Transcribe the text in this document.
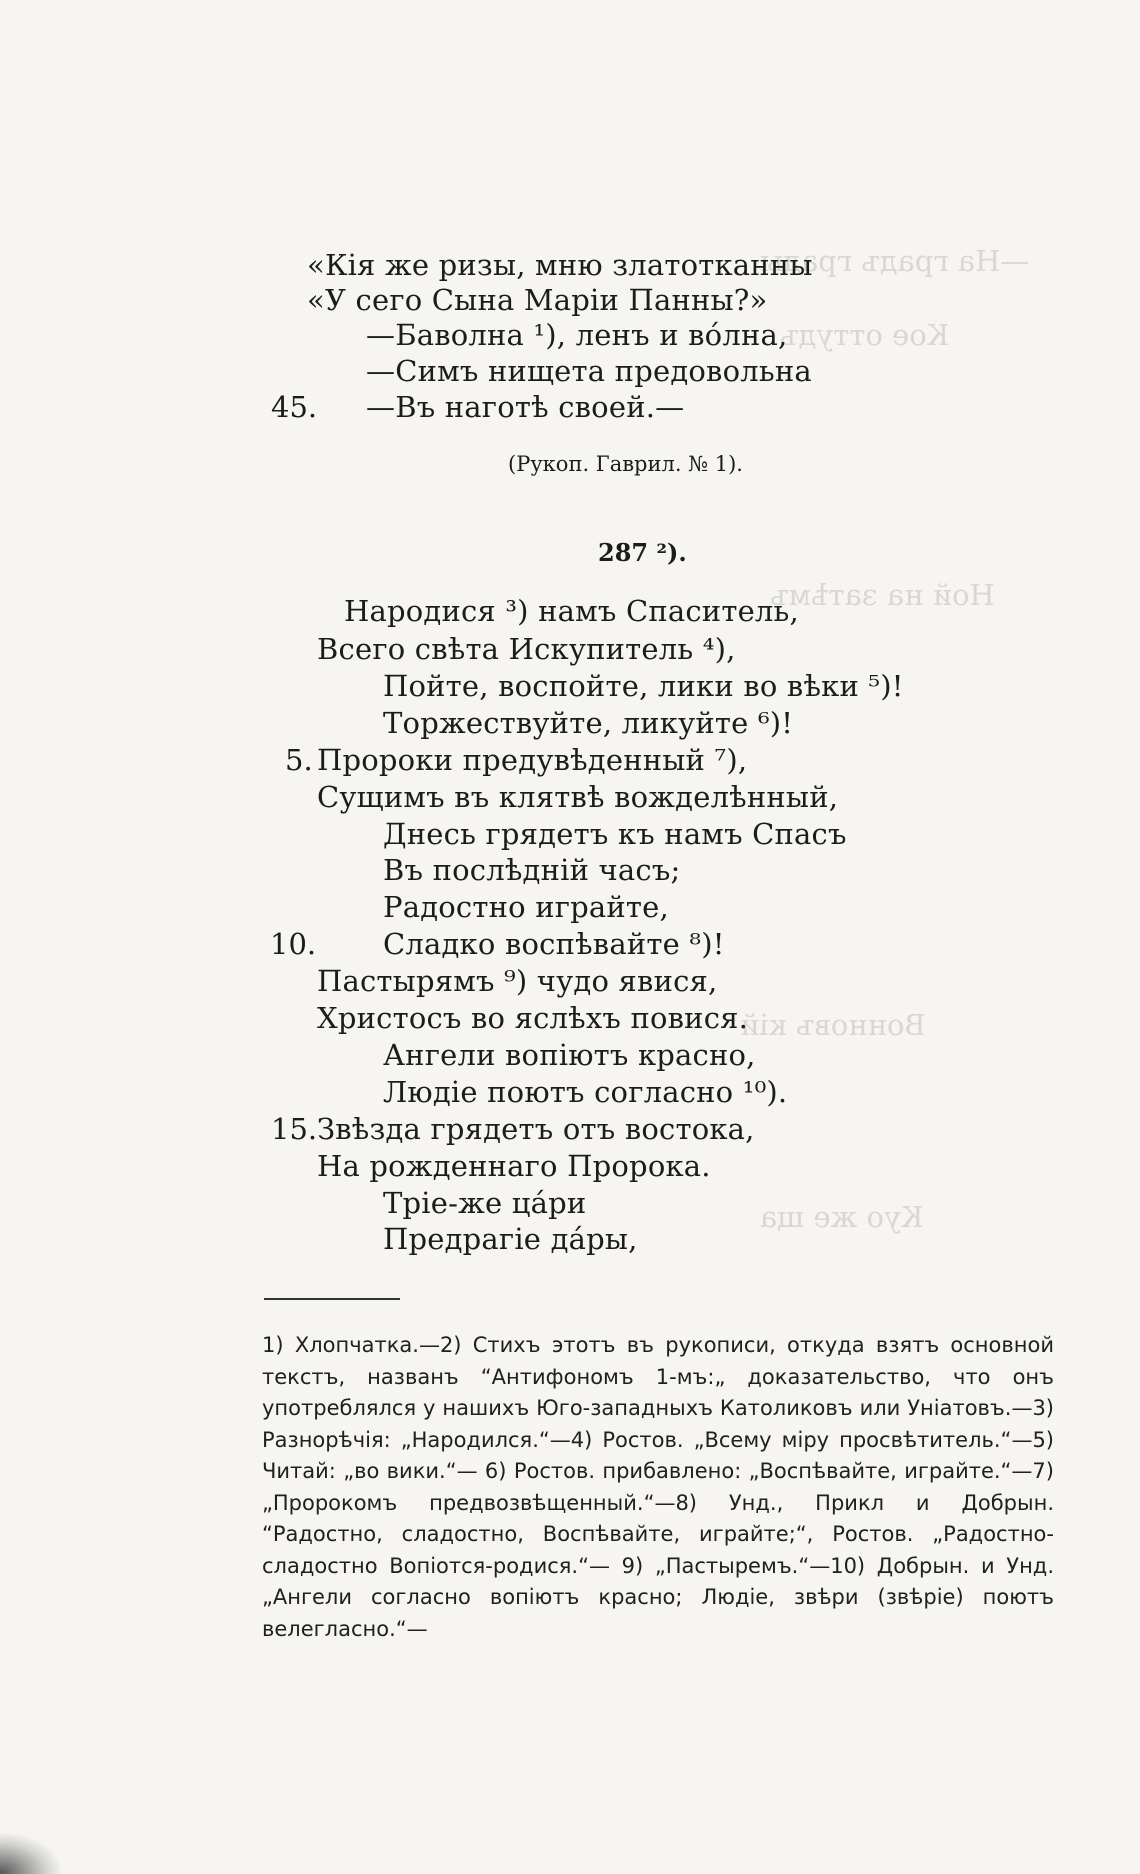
—На градъ грады
Кое оттудъ
Ной на затѣмъ
Вонновъ кій
Куо же ща
«Кія же ризы, мню златотканны
«У сего Сына Маріи Панны?»
—Баволна ¹), ленъ и во́лна,
—Симъ нищета предовольна
45. —Въ наготѣ своей.—
(Рукоп. Гаврил. № 1).
287 ²).
Народися ³) намъ Спаситель,
Всего свѣта Искупитель ⁴),
Пойте, воспойте, лики во вѣки ⁵)!
Торжествуйте, ликуйте ⁶)!
5. Пророки предувѣденный ⁷),
Сущимъ въ клятвѣ вожделѣнный,
Днесь грядетъ къ намъ Спасъ
Въ послѣдній часъ;
Радостно играйте,
10. Сладко воспѣвайте ⁸)!
Пастырямъ ⁹) чудо явися,
Христосъ во яслѣхъ повися.
Ангели вопіютъ красно,
Людіе поютъ согласно ¹⁰).
15. Звѣзда грядетъ отъ востока,
На рожденнаго Пророка.
Тріе-же ца́ри
Предрагіе да́ры,
1) Хлопчатка.—2) Стихъ этотъ въ рукописи, откуда взятъ основной текстъ, названъ “Антифономъ 1-мъ:„ доказательство, что онъ употреблялся у нашихъ Юго-западныхъ Католиковъ или Уніатовъ.—3) Разнорѣчія: „Народился.“—4) Ростов. „Всему міру просвѣтитель.“—5) Читай: „во вики.“— 6) Ростов. прибавлено: „Воспѣвайте, играйте.“—7) „Пророкомъ предвозвѣщенный.“—8) Унд., Прикл и Добрын. “Радостно, сладостно, Воспѣвайте, играйте;“, Ростов. „Радостно-сладостно Вопіотся-родися.“— 9) „Пастыремъ.“—10) Добрын. и Унд. „Ангели согласно вопіютъ красно; Людіе, звѣри (звѣріе) поютъ велегласно.“—
